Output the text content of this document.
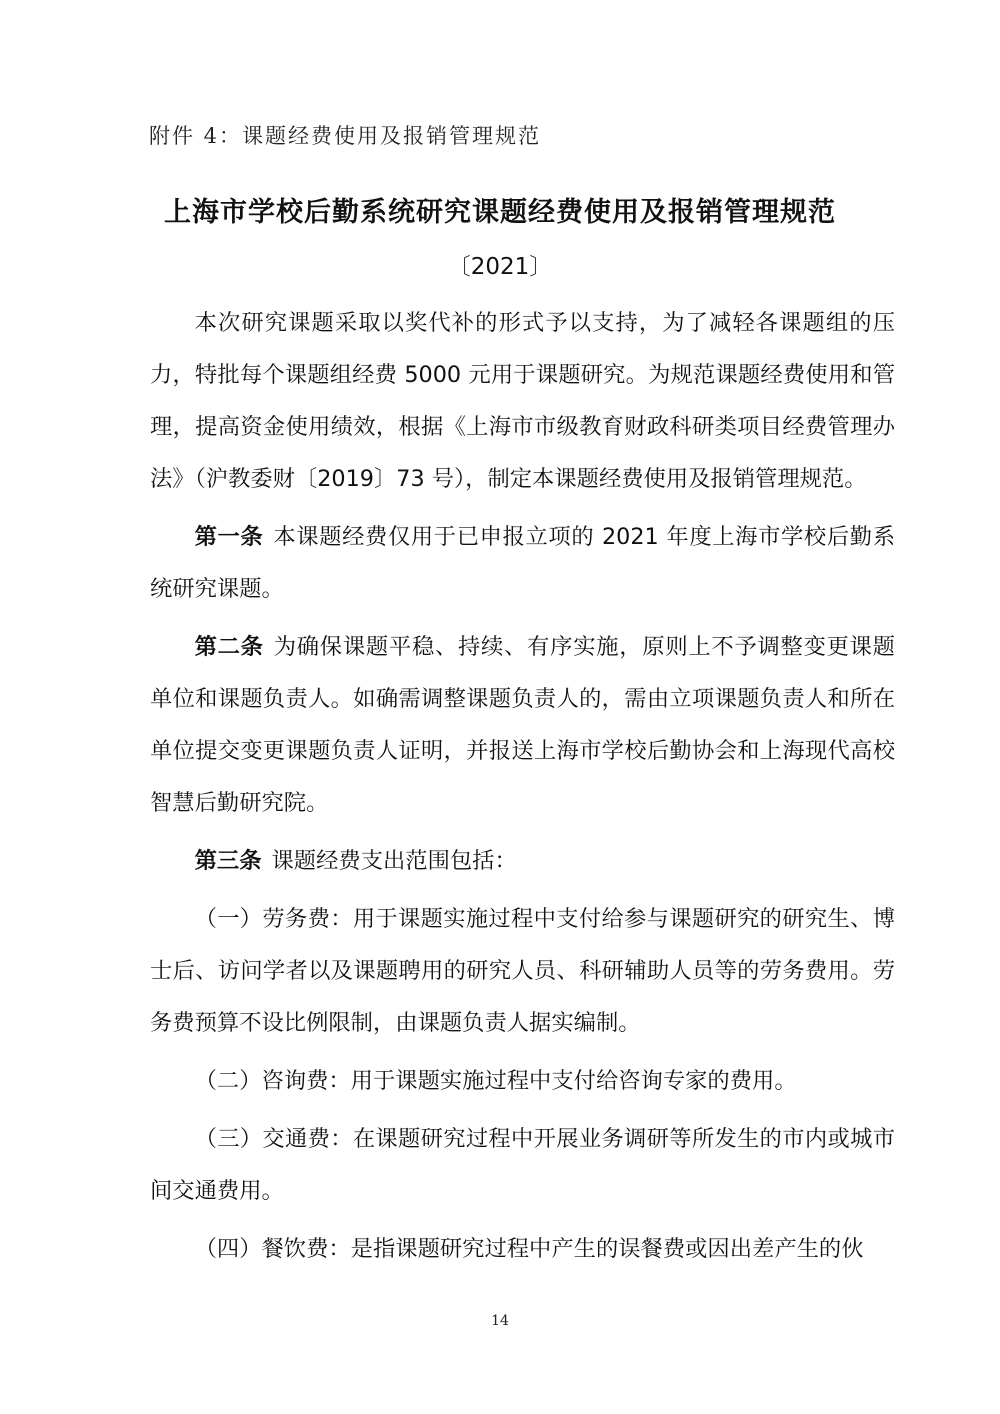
附件 4：课题经费使用及报销管理规范
上海市学校后勤系统研究课题经费使用及报销管理规范
〔2021〕

本次研究课题采取以奖代补的形式予以支持，为了减轻各课题组的压力，特批每个课题组经费 5000 元用于课题研究。为规范课题经费使用和管理，提高资金使用绩效，根据《上海市市级教育财政科研类项目经费管理办法》（沪教委财〔2019〕73 号），制定本课题经费使用及报销管理规范。

第一条 本课题经费仅用于已申报立项的 2021 年度上海市学校后勤系统研究课题。

第二条 为确保课题平稳、持续、有序实施，原则上不予调整变更课题单位和课题负责人。如确需调整课题负责人的，需由立项课题负责人和所在单位提交变更课题负责人证明，并报送上海市学校后勤协会和上海现代高校智慧后勤研究院。

第三条 课题经费支出范围包括：

（一）劳务费：用于课题实施过程中支付给参与课题研究的研究生、博士后、访问学者以及课题聘用的研究人员、科研辅助人员等的劳务费用。劳务费预算不设比例限制，由课题负责人据实编制。

（二）咨询费：用于课题实施过程中支付给咨询专家的费用。

（三）交通费：在课题研究过程中开展业务调研等所发生的市内或城市间交通费用。

（四）餐饮费：是指课题研究过程中产生的误餐费或因出差产生的伙

14
